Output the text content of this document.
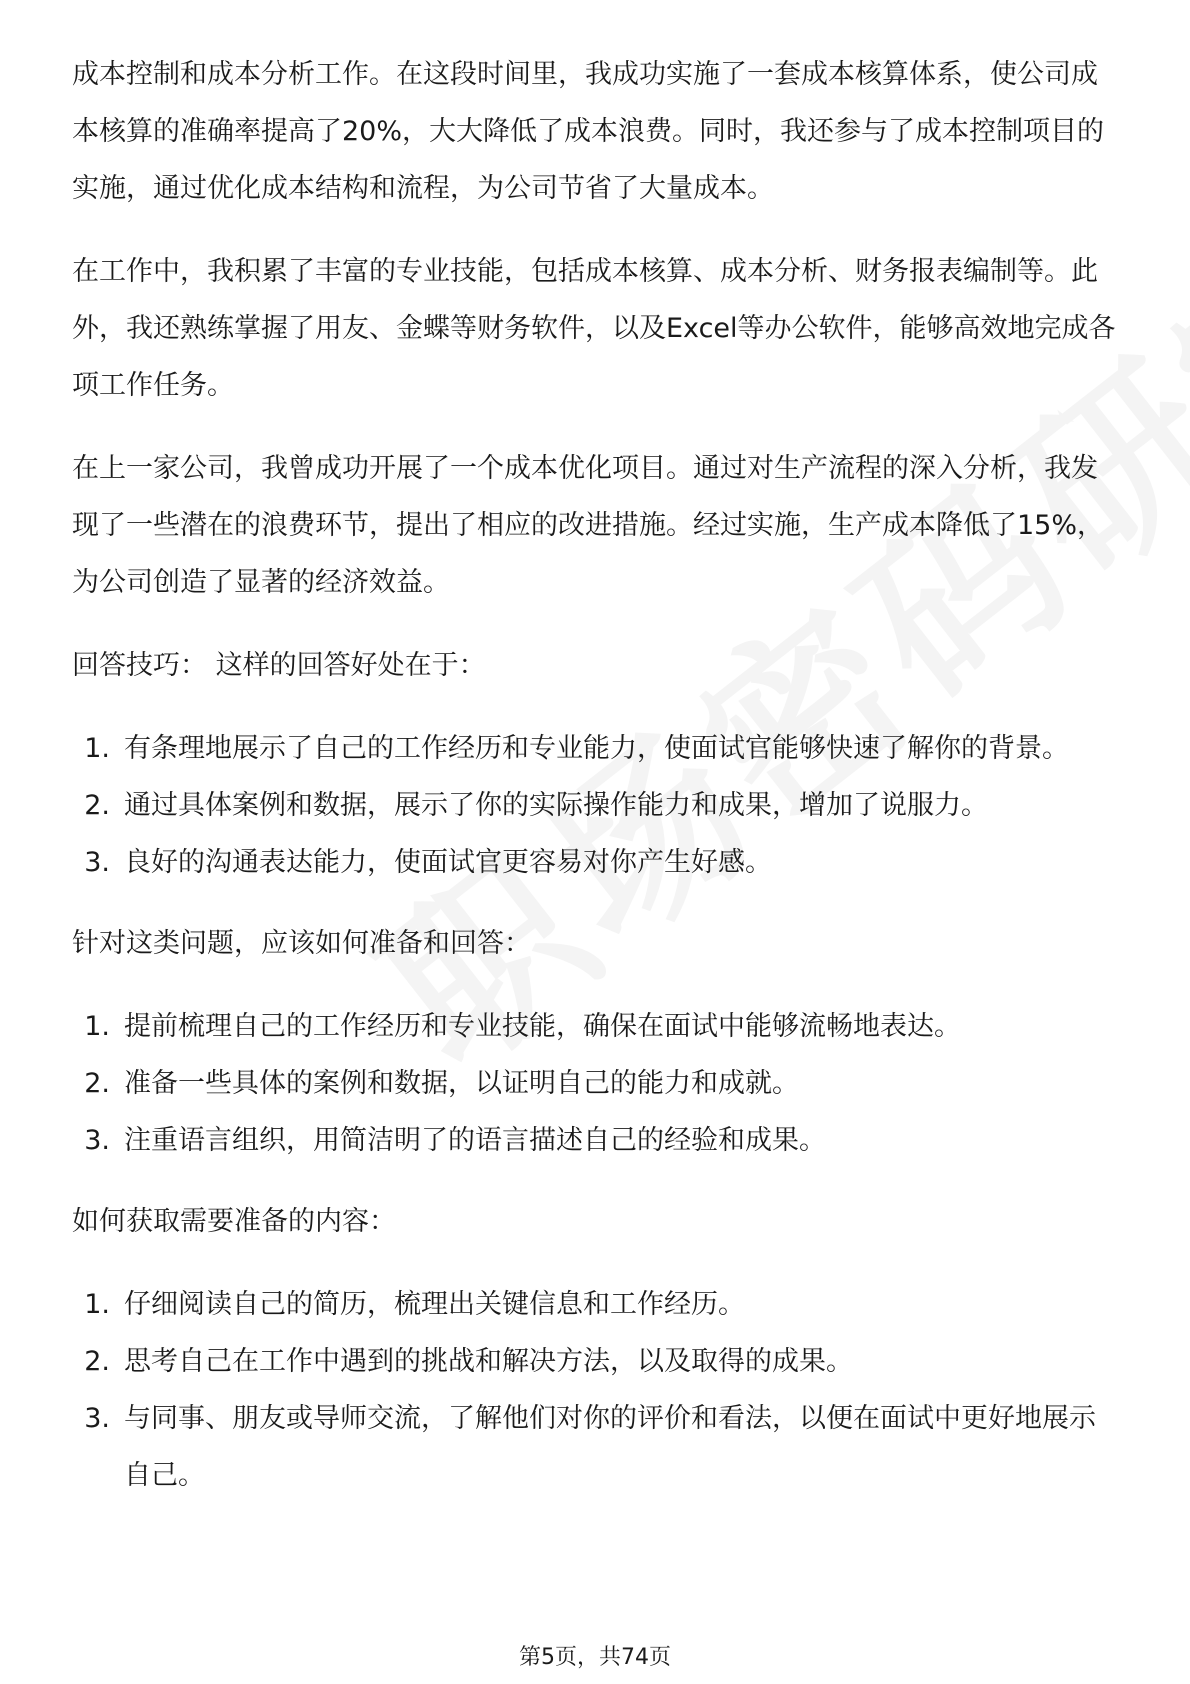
成本控制和成本分析工作。在这段时间里，我成功实施了一套成本核算体系，使公司成本核算的准确率提高了20%，大大降低了成本浪费。同时，我还参与了成本控制项目的实施，通过优化成本结构和流程，为公司节省了大量成本。

在工作中，我积累了丰富的专业技能，包括成本核算、成本分析、财务报表编制等。此外，我还熟练掌握了用友、金蝶等财务软件，以及Excel等办公软件，能够高效地完成各项工作任务。

在上一家公司，我曾成功开展了一个成本优化项目。通过对生产流程的深入分析，我发现了一些潜在的浪费环节，提出了相应的改进措施。经过实施，生产成本降低了15%，为公司创造了显著的经济效益。

回答技巧： 这样的回答好处在于：

1. 有条理地展示了自己的工作经历和专业能力，使面试官能够快速了解你的背景。
2. 通过具体案例和数据，展示了你的实际操作能力和成果，增加了说服力。
3. 良好的沟通表达能力，使面试官更容易对你产生好感。

针对这类问题，应该如何准备和回答：

1. 提前梳理自己的工作经历和专业技能，确保在面试中能够流畅地表达。
2. 准备一些具体的案例和数据，以证明自己的能力和成就。
3. 注重语言组织，用简洁明了的语言描述自己的经验和成果。

如何获取需要准备的内容：

1. 仔细阅读自己的简历，梳理出关键信息和工作经历。
2. 思考自己在工作中遇到的挑战和解决方法，以及取得的成果。
3. 与同事、朋友或导师交流，了解他们对你的评价和看法，以便在面试中更好地展示自己。
第5页，共74页
